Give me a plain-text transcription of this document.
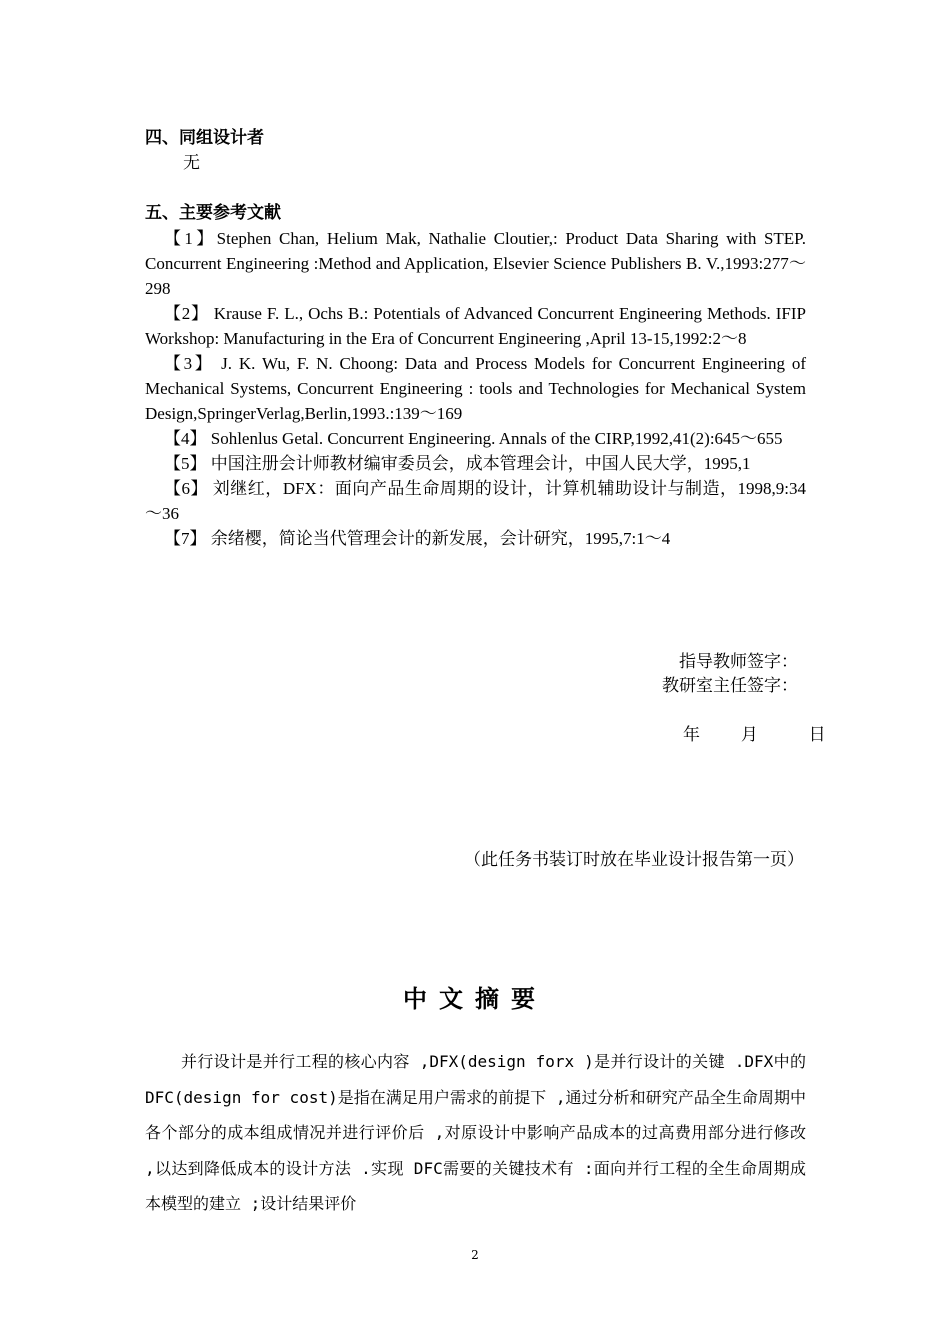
四、同组设计者
无
五、主要参考文献

【1】Stephen Chan, Helium Mak, Nathalie Cloutier,: Product Data Sharing with STEP. Concurrent Engineering :Method and Application, Elsevier Science Publishers B. V.,1993:277～298

【2】 Krause F. L., Ochs B.: Potentials of Advanced Concurrent Engineering Methods. IFIP Workshop: Manufacturing in the Era of Concurrent Engineering ,April 13-15,1992:2～8

【3】 J. K. Wu, F. N. Choong: Data and Process Models for Concurrent Engineering of Mechanical Systems, Concurrent Engineering : tools and Technologies for Mechanical System Design,SpringerVerlag,Berlin,1993.:139～169

【4】 Sohlenlus Getal. Concurrent Engineering. Annals of the CIRP,1992,41(2):645～655

【5】 中国注册会计师教材编审委员会，成本管理会计，中国人民大学，1995,1

【6】 刘继红，DFX：面向产品生命周期的设计，计算机辅助设计与制造，1998,9:34～36

【7】 余绪樱，简论当代管理会计的新发展，会计研究，1995,7:1～4

指导教师签字：
教研室主任签字：
年 月	日
（此任务书装订时放在毕业设计报告第一页）
中文摘要

并行设计是并行工程的核心内容 ,DFX(design forx )是并行设计的关键 .DFX中的 DFC(design for cost)是指在满足用户需求的前提下 ,通过分析和研究产品全生命周期中各个部分的成本组成情况并进行评价后 ,对原设计中影响产品成本的过高费用部分进行修改 ,以达到降低成本的设计方法 .实现 DFC需要的关键技术有 :面向并行工程的全生命周期成本模型的建立 ;设计结果评价

2
